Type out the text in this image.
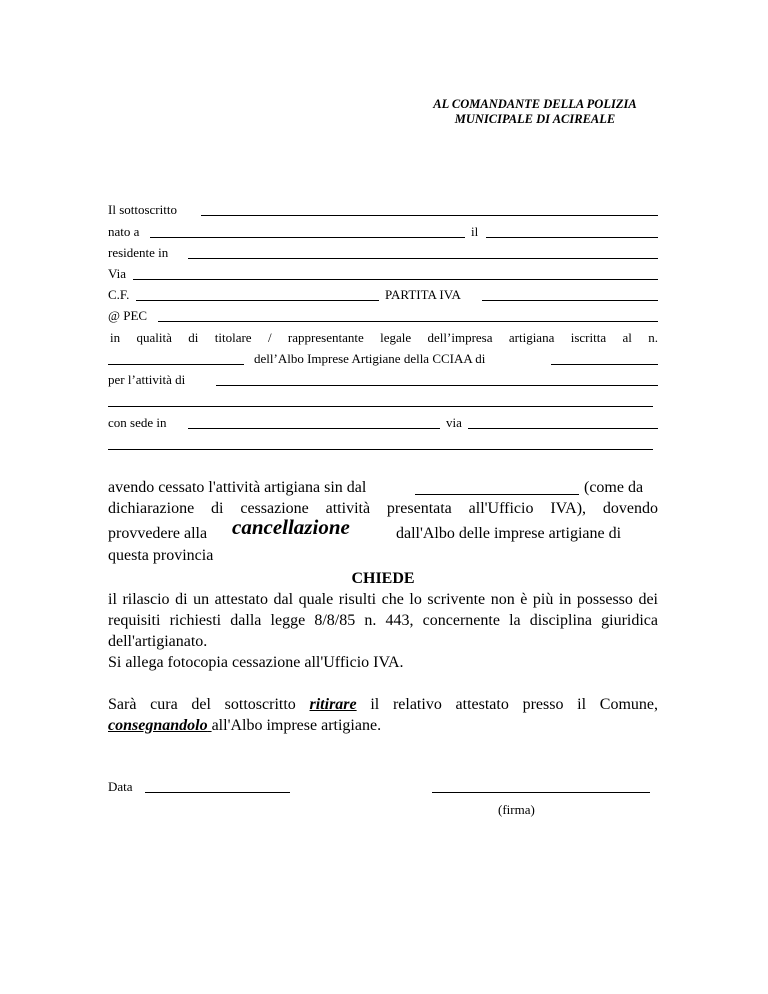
AL COMANDANTE DELLA POLIZIA
MUNICIPALE DI ACIREALE
Il sottoscritto
nato a	il
residente in
Via
C.F.	PARTITA IVA
@ PEC
in qualità di titolare / rappresentante legale dell’impresa artigiana iscritta al n.
dell’Albo Imprese Artigiane della CCIAA di
per l’attività di
con sede in	via
avendo cessato l'attività artigiana sin dal	(come da
dichiarazione di cessazione attività presentata all'Ufficio IVA), dovendo
provvedere alla cancellazione	dall'Albo delle imprese artigiane di
questa provincia
CHIEDE
il rilascio di un attestato dal quale risulti che lo scrivente non è più in possesso dei requisiti richiesti dalla legge 8/8/85 n. 443, concernente la disciplina giuridica dell'artigianato.
Si allega fotocopia cessazione all'Ufficio IVA.
Sarà cura del sottoscritto ritirare il relativo attestato presso il Comune,
consegnandolo all'Albo imprese artigiane.
Data
(firma)
